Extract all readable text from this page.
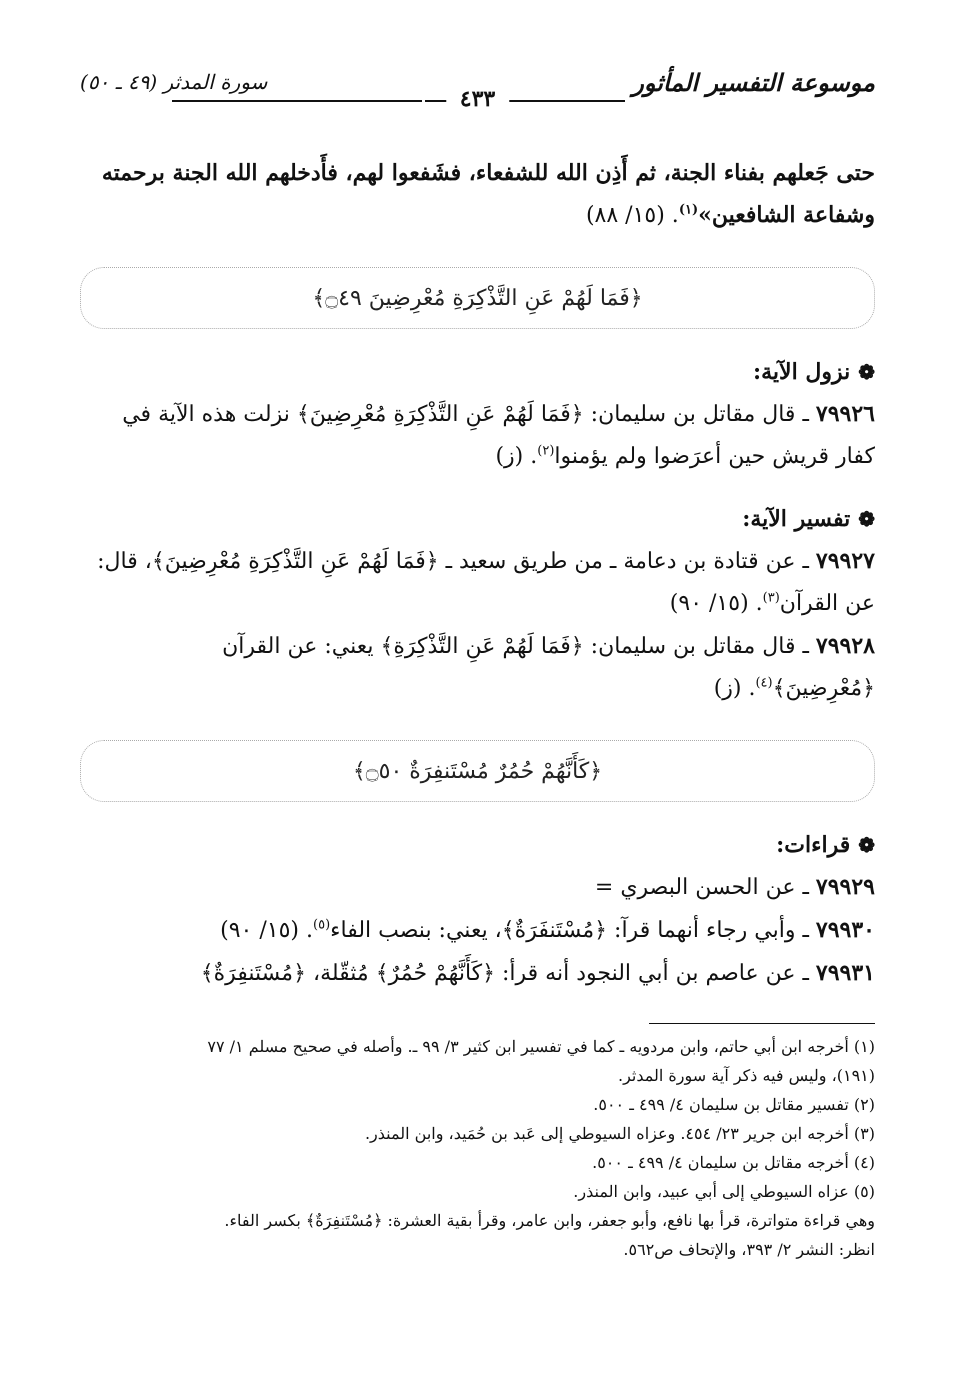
موسوعة التفسير المأثور
٤٣٣
سورة المدثر (٤٩ ـ ٥٠)

حتى جَعلهم بفناء الجنة، ثم أَذِن الله للشفعاء، فشَفعوا لهم، فأَدخلهم الله الجنة برحمته

وشفاعة الشافعين»$^{(١)}$. (١٥/ ٨٨)

﴿فَمَا لَهُمْ عَنِ التَّذْكِرَةِ مُعْرِضِينَ ۝٤٩﴾
❁نزول الآية:

٧٩٩٢٦ ـ قال مقاتل بن سليمان: ﴿فَمَا لَهُمْ عَنِ التَّذْكِرَةِ مُعْرِضِينَ﴾ نزلت هذه الآية في

كفار قريش حين أعرَضوا ولم يؤمنوا$^{(٢)}$. (ز)

❁تفسير الآية:

٧٩٩٢٧ ـ عن قتادة بن دعامة ـ من طريق سعيد ـ ﴿فَمَا لَهُمْ عَنِ التَّذْكِرَةِ مُعْرِضِينَ﴾، قال:

عن القرآن$^{(٣)}$. (١٥/ ٩٠)

٧٩٩٢٨ ـ قال مقاتل بن سليمان: ﴿فَمَا لَهُمْ عَنِ التَّذْكِرَةِ﴾ يعني: عن القرآن

﴿مُعْرِضِينَ﴾$^{(٤)}$. (ز)

﴿كَأَنَّهُمْ حُمُرٌ مُسْتَنفِرَةٌ ۝٥٠﴾
❁قراءات:

٧٩٩٢٩ ـ عن الحسن البصري =

٧٩٩٣٠ ـ وأبي رجاء أنهما قرآ: ﴿مُسْتَنفَرَةٌ﴾، يعني: بنصب الفاء$^{(٥)}$. (١٥/ ٩٠)

٧٩٩٣١ ـ عن عاصم بن أبي النجود أنه قرأ: ﴿كَأَنَّهُمْ حُمُرٌ﴾ مُثقّلة، ﴿مُسْتَنفِرَةٌ﴾

(١) أخرجه ابن أبي حاتم، وابن مردويه ـ كما في تفسير ابن كثير ٣/ ٩٩ ـ. وأصله في صحيح مسلم ١/ ٧٧

(١٩١)، وليس فيه ذكر آية سورة المدثر.

(٢) تفسير مقاتل بن سليمان ٤/ ٤٩٩ ـ ٥٠٠.

(٣) أخرجه ابن جرير ٢٣/ ٤٥٤. وعزاه السيوطي إلى عَبد بن حُمَيد، وابن المنذر.

(٤) أخرجه مقاتل بن سليمان ٤/ ٤٩٩ ـ ٥٠٠.

(٥) عزاه السيوطي إلى أبي عبيد، وابن المنذر.

وهي قراءة متواترة، قرأ بها نافع، وأبو جعفر، وابن عامر، وقرأ بقية العشرة: ﴿مُسْتَنفِرَةٌ﴾ بكسر الفاء.

انظر: النشر ٢/ ٣٩٣، والإتحاف ص٥٦٢.
